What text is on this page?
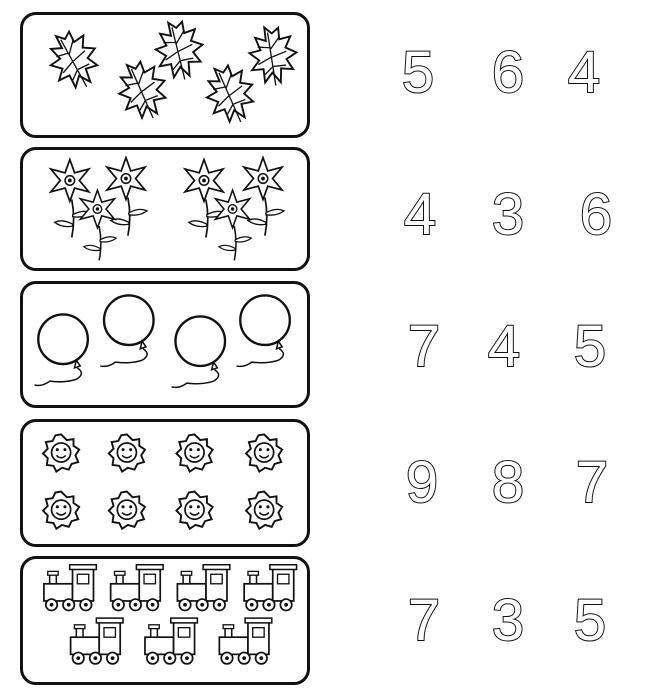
5 6 4
4 3 6
7 4 5
9 8 7
7 3 5
